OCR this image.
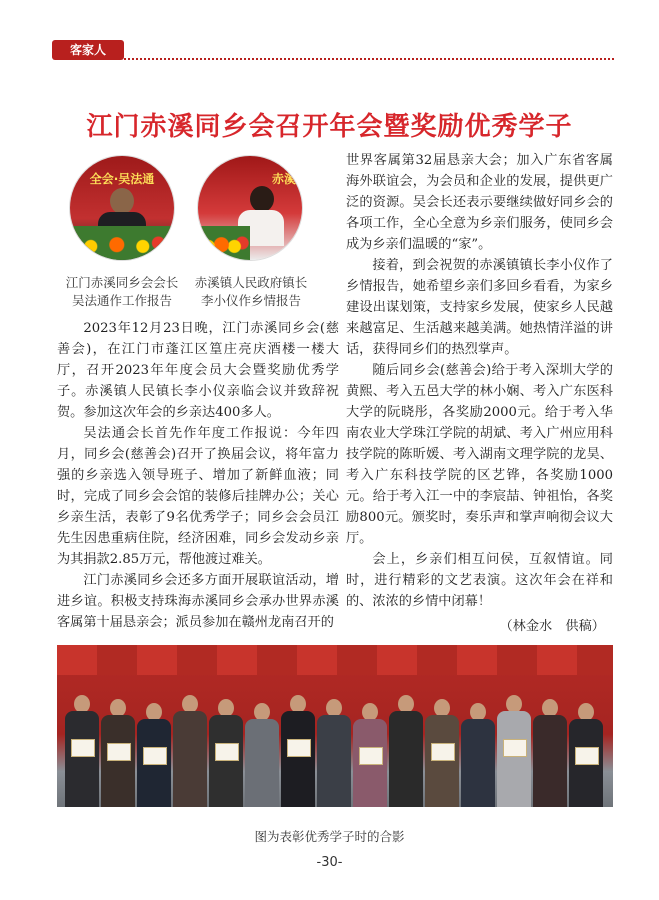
客家人
江门赤溪同乡会召开年会暨奖励优秀学子
全会·吴法通
江门赤溪同乡会会长
吴法通作工作报告
赤溪
赤溪镇人民政府镇长
李小仪作乡情报告

2023年12月23日晚，江门赤溪同乡会(慈善会)，在江门市蓬江区篁庄亮庆酒楼一楼大厅，召开2023年年度会员大会暨奖励优秀学子。赤溪镇人民镇长李小仪亲临会议并致辞祝贺。参加这次年会的乡亲达400多人。

吴法通会长首先作年度工作报说：今年四月，同乡会(慈善会)召开了换届会议，将年富力强的乡亲选入领导班子、增加了新鲜血液；同时，完成了同乡会会馆的装修后挂牌办公；关心乡亲生活，表彰了9名优秀学子；同乡会会员江先生因患重病住院，经济困难，同乡会发动乡亲为其捐款2.85万元，帮他渡过难关。

江门赤溪同乡会还多方面开展联谊活动，增进乡谊。积极支持珠海赤溪同乡会承办世界赤溪客属第十届恳亲会；派员参加在赣州龙南召开的

世界客属第32届恳亲大会；加入广东省客属海外联谊会，为会员和企业的发展，提供更广泛的资源。吴会长还表示要继续做好同乡会的各项工作，全心全意为乡亲们服务，使同乡会成为乡亲们温暖的“家”。

接着，到会祝贺的赤溪镇镇长李小仪作了乡情报告，她希望乡亲们多回乡看看，为家乡建设出谋划策，支持家乡发展，使家乡人民越来越富足、生活越来越美满。她热情洋溢的讲话，获得同乡们的热烈掌声。

随后同乡会(慈善会)给于考入深圳大学的黄熙、考入五邑大学的林小娴、考入广东医科大学的阮晓彤，各奖励2000元。给于考入华南农业大学珠江学院的胡斌、考入广州应用科技学院的陈昕媛、考入湖南文理学院的龙昊、考入广东科技学院的区艺铧，各奖励1000元。给于考入江一中的李宸喆、钟祖怡，各奖励800元。颁奖时，奏乐声和掌声响彻会议大厅。

会上，乡亲们相互问侯，互叙情谊。同时，进行精彩的文艺表演。这次年会在祥和的、浓浓的乡情中闭幕！

（林金水　供稿）
图为表彰优秀学子时的合影
-30-
